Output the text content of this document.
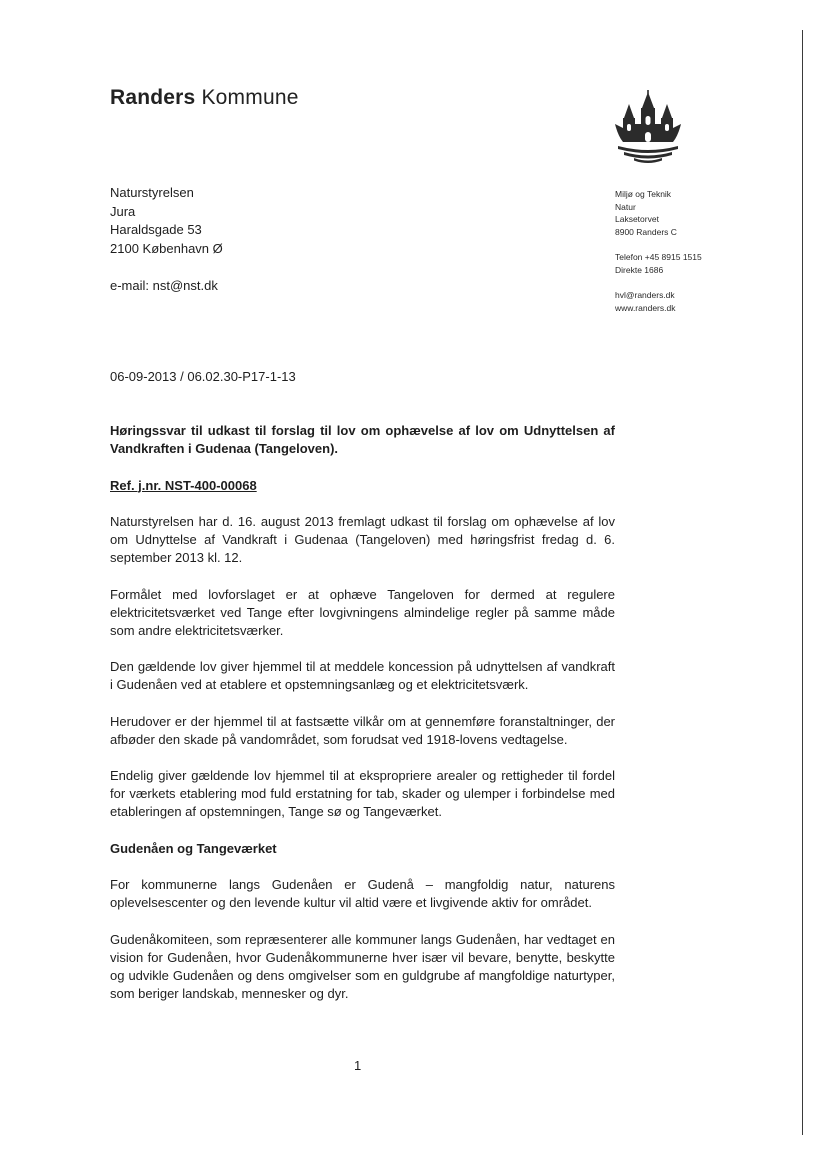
Randers Kommune
Naturstyrelsen
Jura
Haraldsgade 53
2100 København Ø
e-mail: nst@nst.dk
Miljø og Teknik
Natur
Laksetorvet
8900 Randers C
Telefon +45 8915 1515
Direkte 1686
hvl@randers.dk
www.randers.dk
06-09-2013 / 06.02.30-P17-1-13

Høringssvar til udkast til forslag til lov om ophævelse af lov om Udnyttelsen af Vandkraften i Gudenaa (Tangeloven).

Ref. j.nr. NST-400-00068

Naturstyrelsen har d. 16. august 2013 fremlagt udkast til forslag om ophævelse af lov om Udnyttelse af Vandkraft i Gudenaa (Tangeloven) med høringsfrist fredag d. 6. september 2013 kl. 12.

Formålet med lovforslaget er at ophæve Tangeloven for dermed at regulere elektricitetsværket ved Tange efter lovgivningens almindelige regler på samme måde som andre elektricitetsværker.

Den gældende lov giver hjemmel til at meddele koncession på udnyttelsen af vandkraft i Gudenåen ved at etablere et opstemningsanlæg og et elektricitetsværk.

Herudover er der hjemmel til at fastsætte vilkår om at gennemføre foranstaltninger, der afbøder den skade på vandområdet, som forudsat ved 1918-lovens vedtagelse.

Endelig giver gældende lov hjemmel til at ekspropriere arealer og rettigheder til fordel for værkets etablering mod fuld erstatning for tab, skader og ulemper i forbindelse med etableringen af opstemningen, Tange sø og Tangeværket.

Gudenåen og Tangeværket

For kommunerne langs Gudenåen er Gudenå – mangfoldig natur, naturens oplevelsescenter og den levende kultur vil altid være et livgivende aktiv for området.

Gudenåkomiteen, som repræsenterer alle kommuner langs Gudenåen, har vedtaget en vision for Gudenåen, hvor Gudenåkommunerne hver især vil bevare, benytte, beskytte og udvikle Gudenåen og dens omgivelser som en guldgrube af mangfoldige naturtyper, som beriger landskab, mennesker og dyr.

1
